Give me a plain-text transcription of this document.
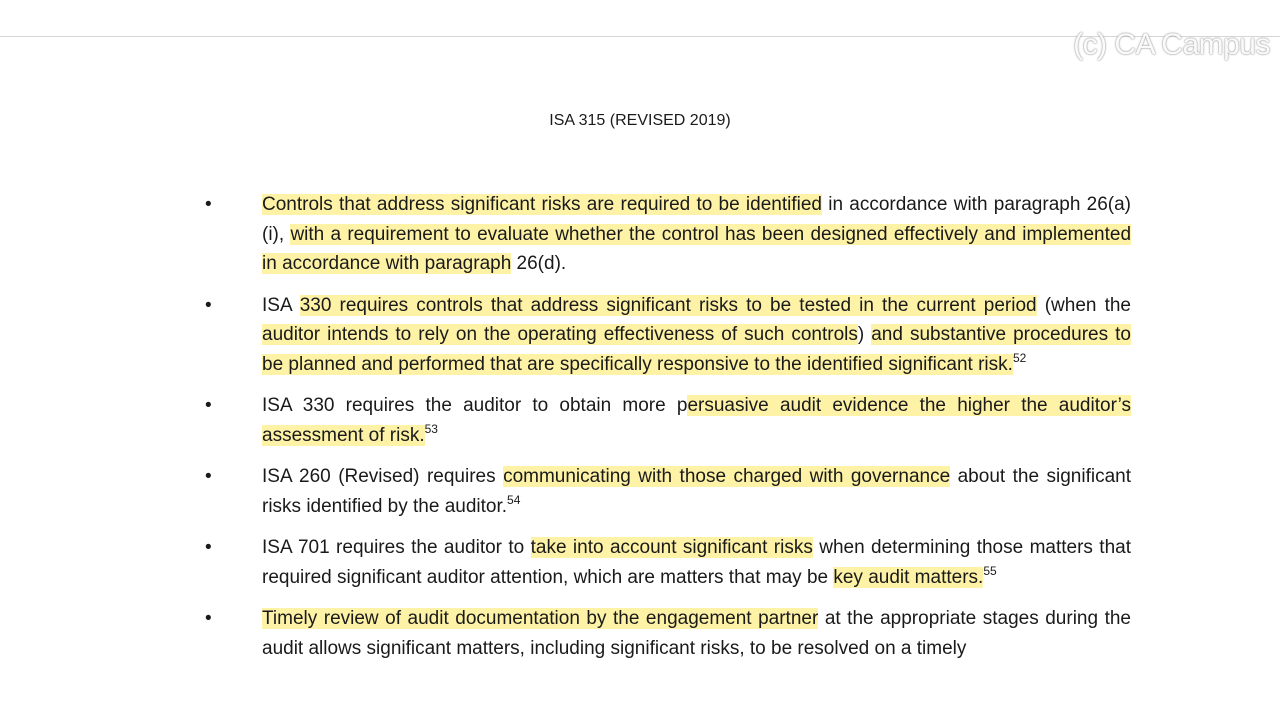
(c) CA Campus
ISA 315 (REVISED 2019)
•	Controls that address significant risks are required to be identified in accordance with paragraph 26(a)(i), with a requirement to evaluate whether the control has been designed effectively and implemented in accordance with paragraph 26(d).
•	ISA 330 requires controls that address significant risks to be tested in the current period (when the auditor intends to rely on the operating effectiveness of such controls) and substantive procedures to be planned and performed that are specifically responsive to the identified significant risk.$^{52}$
•	ISA 330 requires the auditor to obtain more persuasive audit evidence the higher the auditor’s assessment of risk.$^{53}$
•	ISA 260 (Revised) requires communicating with those charged with governance about the significant risks identified by the auditor.$^{54}$
•	ISA 701 requires the auditor to take into account significant risks when determining those matters that required significant auditor attention, which are matters that may be key audit matters.$^{55}$
•	Timely review of audit documentation by the engagement partner at the appropriate stages during the audit allows significant matters, including significant risks, to be resolved on a timely
